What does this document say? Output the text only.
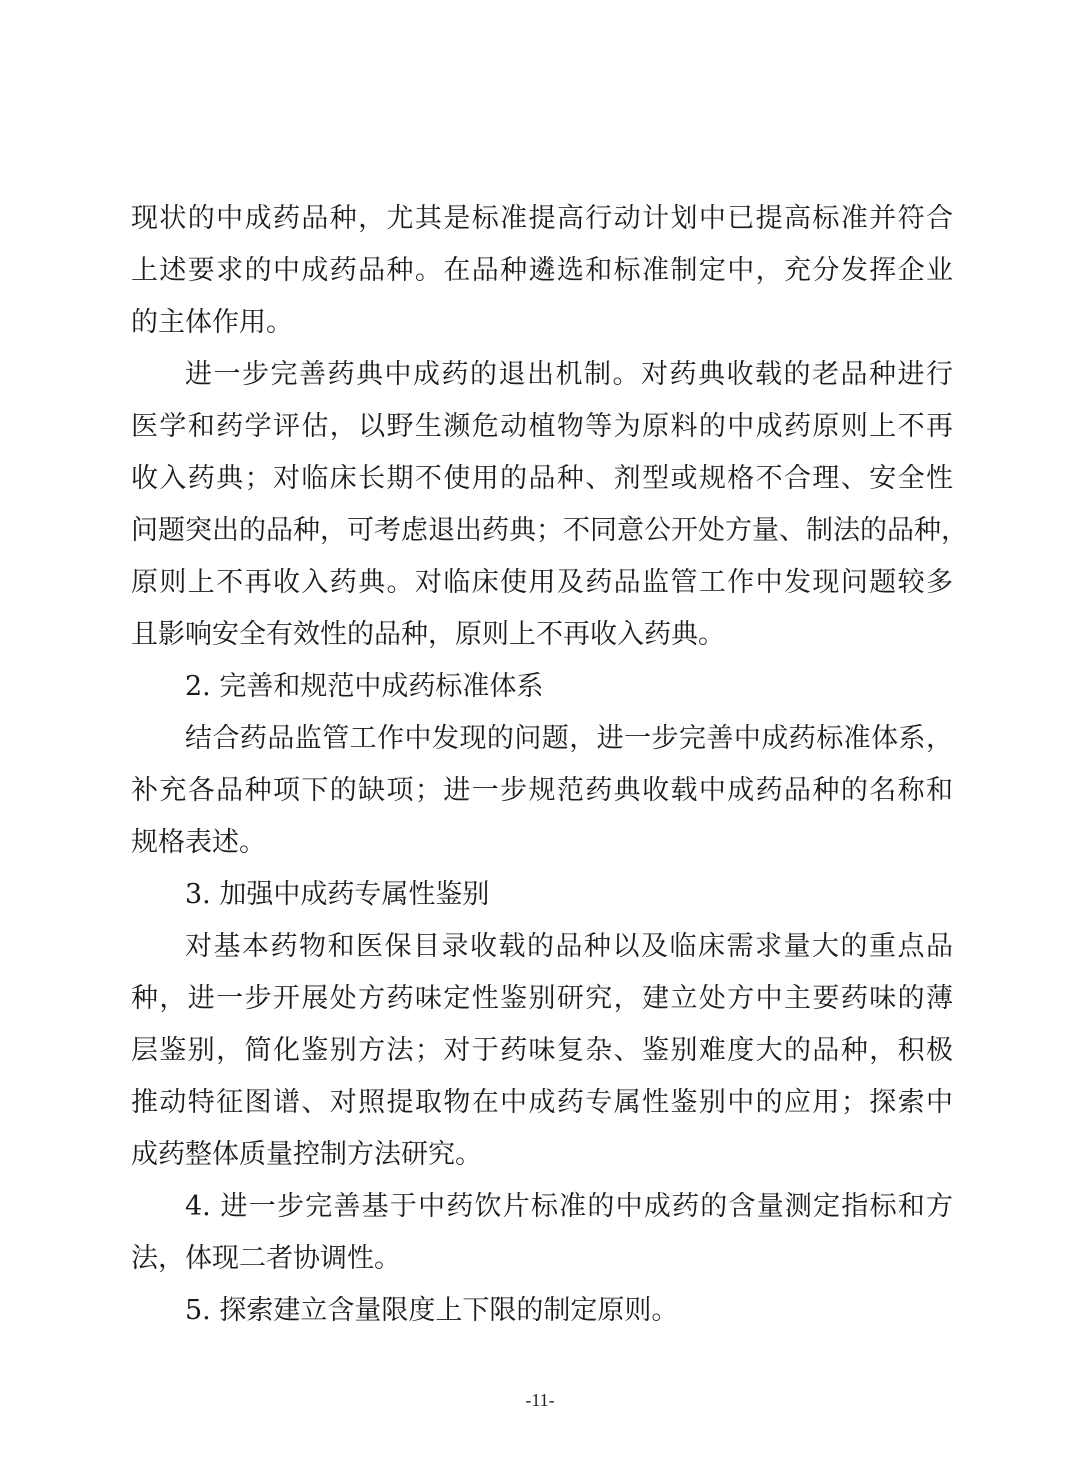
现状的中成药品种，尤其是标准提高行动计划中已提高标准并符合
上述要求的中成药品种。在品种遴选和标准制定中，充分发挥企业
的主体作用。
进一步完善药典中成药的退出机制。对药典收载的老品种进行
医学和药学评估，以野生濒危动植物等为原料的中成药原则上不再
收入药典；对临床长期不使用的品种、剂型或规格不合理、安全性
问题突出的品种，可考虑退出药典；不同意公开处方量、制法的品种，
原则上不再收入药典。对临床使用及药品监管工作中发现问题较多
且影响安全有效性的品种，原则上不再收入药典。
2. 完善和规范中成药标准体系
结合药品监管工作中发现的问题，进一步完善中成药标准体系，
补充各品种项下的缺项；进一步规范药典收载中成药品种的名称和
规格表述。
3. 加强中成药专属性鉴别
对基本药物和医保目录收载的品种以及临床需求量大的重点品
种，进一步开展处方药味定性鉴别研究，建立处方中主要药味的薄
层鉴别，简化鉴别方法；对于药味复杂、鉴别难度大的品种，积极
推动特征图谱、对照提取物在中成药专属性鉴别中的应用；探索中
成药整体质量控制方法研究。
4. 进一步完善基于中药饮片标准的中成药的含量测定指标和方
法，体现二者协调性。
5. 探索建立含量限度上下限的制定原则。
-11-
